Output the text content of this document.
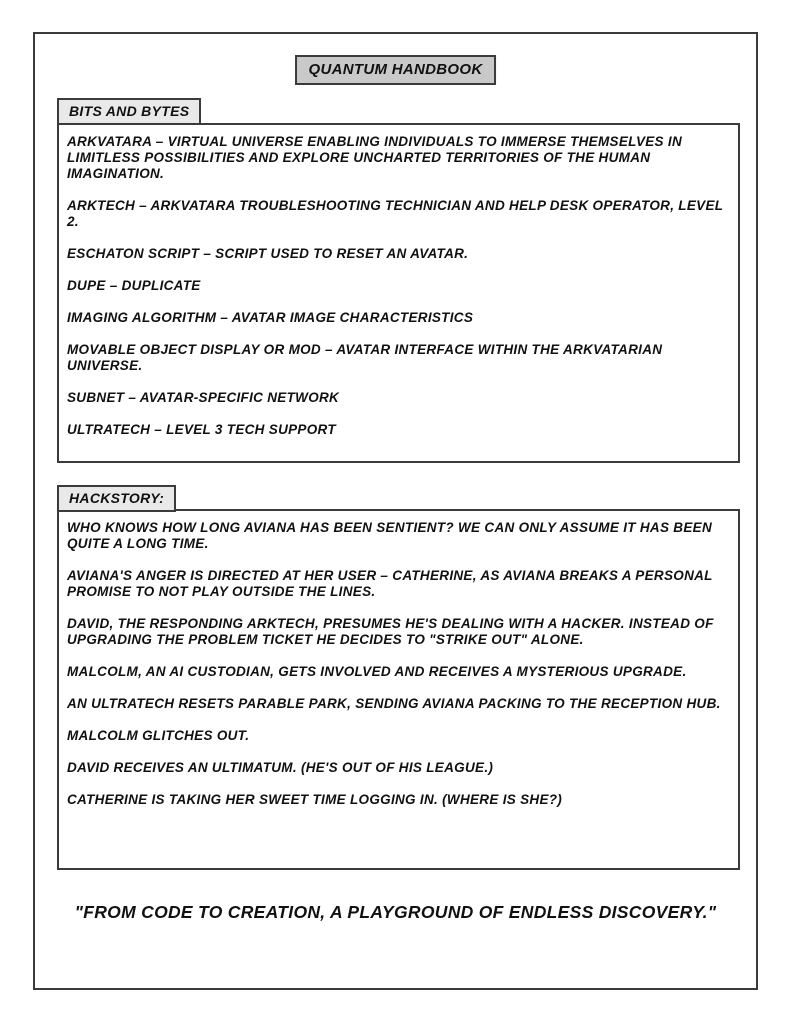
QUANTUM HANDBOOK
BITS AND BYTES

ARKVATARA – VIRTUAL UNIVERSE ENABLING INDIVIDUALS TO IMMERSE THEMSELVES IN LIMITLESS POSSIBILITIES AND EXPLORE UNCHARTED TERRITORIES OF THE HUMAN IMAGINATION.

ARKTECH – ARKVATARA TROUBLESHOOTING TECHNICIAN AND HELP DESK OPERATOR, LEVEL 2.

ESCHATON SCRIPT – SCRIPT USED TO RESET AN AVATAR.

DUPE – DUPLICATE

IMAGING ALGORITHM – AVATAR IMAGE CHARACTERISTICS

MOVABLE OBJECT DISPLAY OR MOD – AVATAR INTERFACE WITHIN THE ARKVATARIAN UNIVERSE.

SUBNET – AVATAR-SPECIFIC NETWORK

ULTRATECH – LEVEL 3 TECH SUPPORT

HACKSTORY:

WHO KNOWS HOW LONG AVIANA HAS BEEN SENTIENT? WE CAN ONLY ASSUME IT HAS BEEN QUITE A LONG TIME.

AVIANA'S ANGER IS DIRECTED AT HER USER – CATHERINE, AS AVIANA BREAKS A PERSONAL PROMISE TO NOT PLAY OUTSIDE THE LINES.

DAVID, THE RESPONDING ARKTECH, PRESUMES HE'S DEALING WITH A HACKER. INSTEAD OF UPGRADING THE PROBLEM TICKET HE DECIDES TO "STRIKE OUT" ALONE.

MALCOLM, AN AI CUSTODIAN, GETS INVOLVED AND RECEIVES A MYSTERIOUS UPGRADE.

AN ULTRATECH RESETS PARABLE PARK, SENDING AVIANA PACKING TO THE RECEPTION HUB.

MALCOLM GLITCHES OUT.

DAVID RECEIVES AN ULTIMATUM. (HE'S OUT OF HIS LEAGUE.)

CATHERINE IS TAKING HER SWEET TIME LOGGING IN. (WHERE IS SHE?)

"FROM CODE TO CREATION, A PLAYGROUND OF ENDLESS DISCOVERY."
